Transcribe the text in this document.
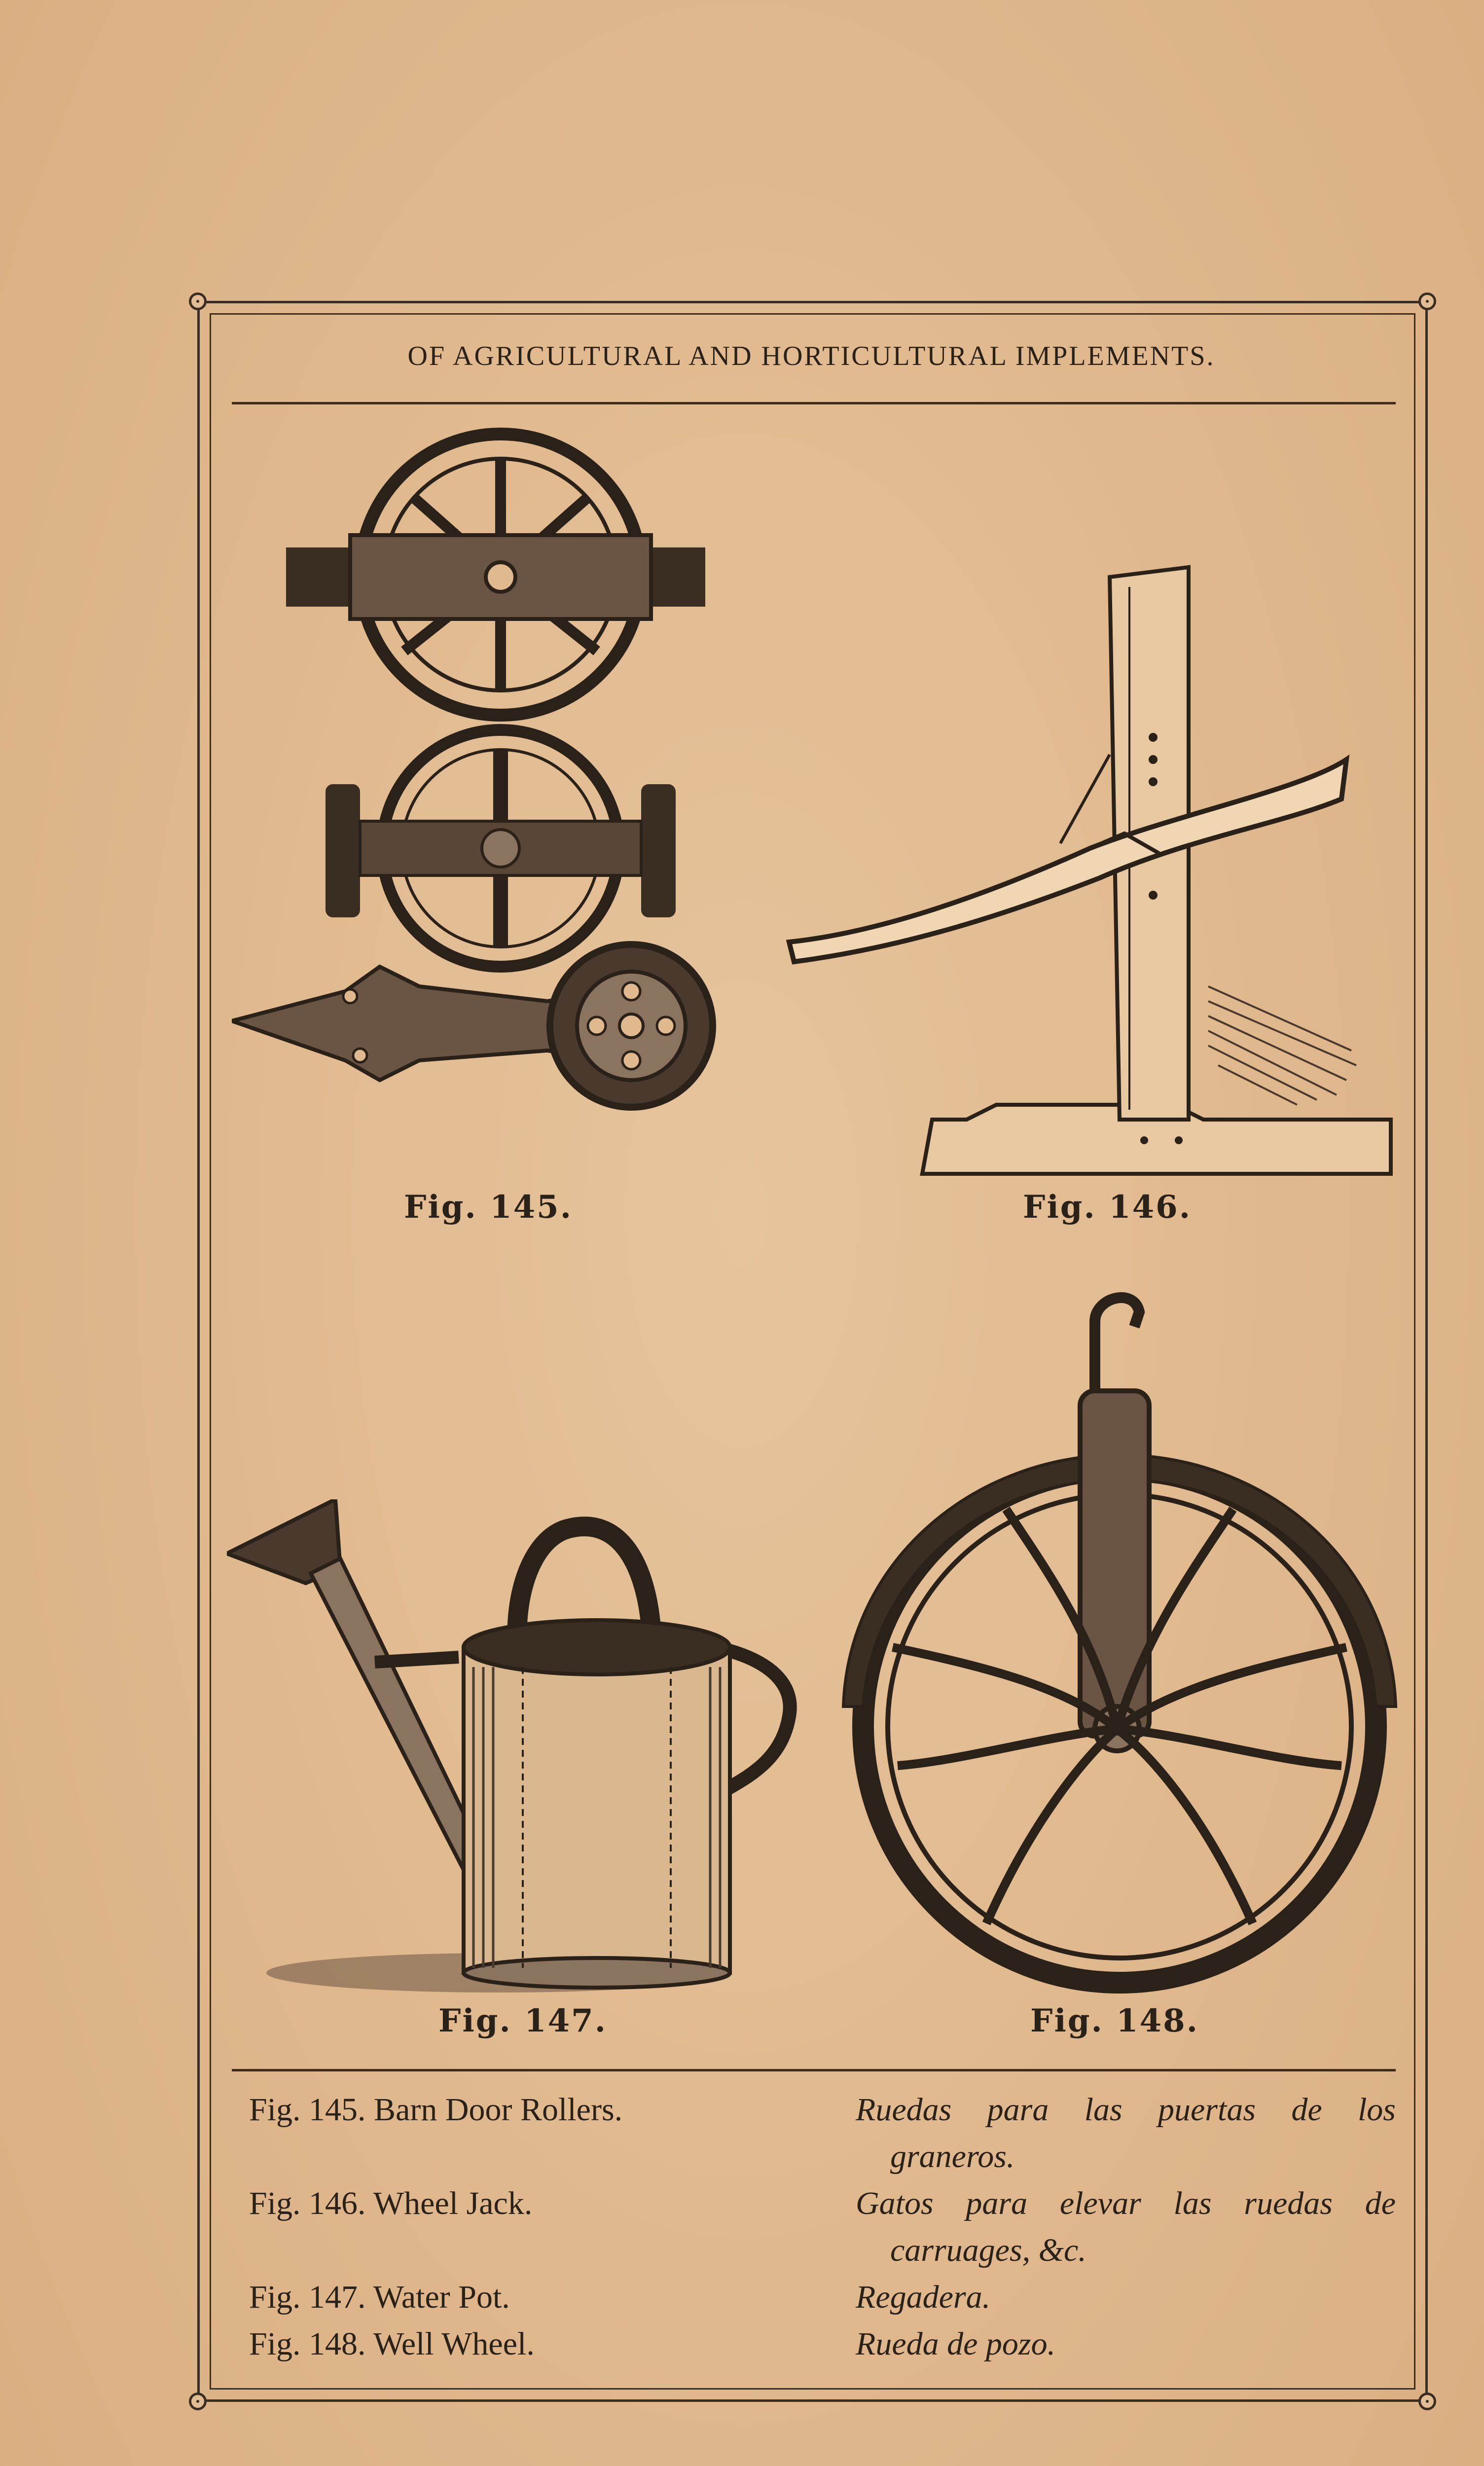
OF AGRICULTURAL AND HORTICULTURAL IMPLEMENTS.
Fig. 145.	Fig. 146.
Fig. 147.	Fig. 148.
Fig. 145. Barn Door Rollers.	Ruedas para las puertas de los
graneros.
Fig. 146. Wheel Jack.	Gatos para elevar las ruedas de
carruages, &c.
Fig. 147. Water Pot.	Regadera.
Fig. 148. Well Wheel.	Rueda de pozo.
